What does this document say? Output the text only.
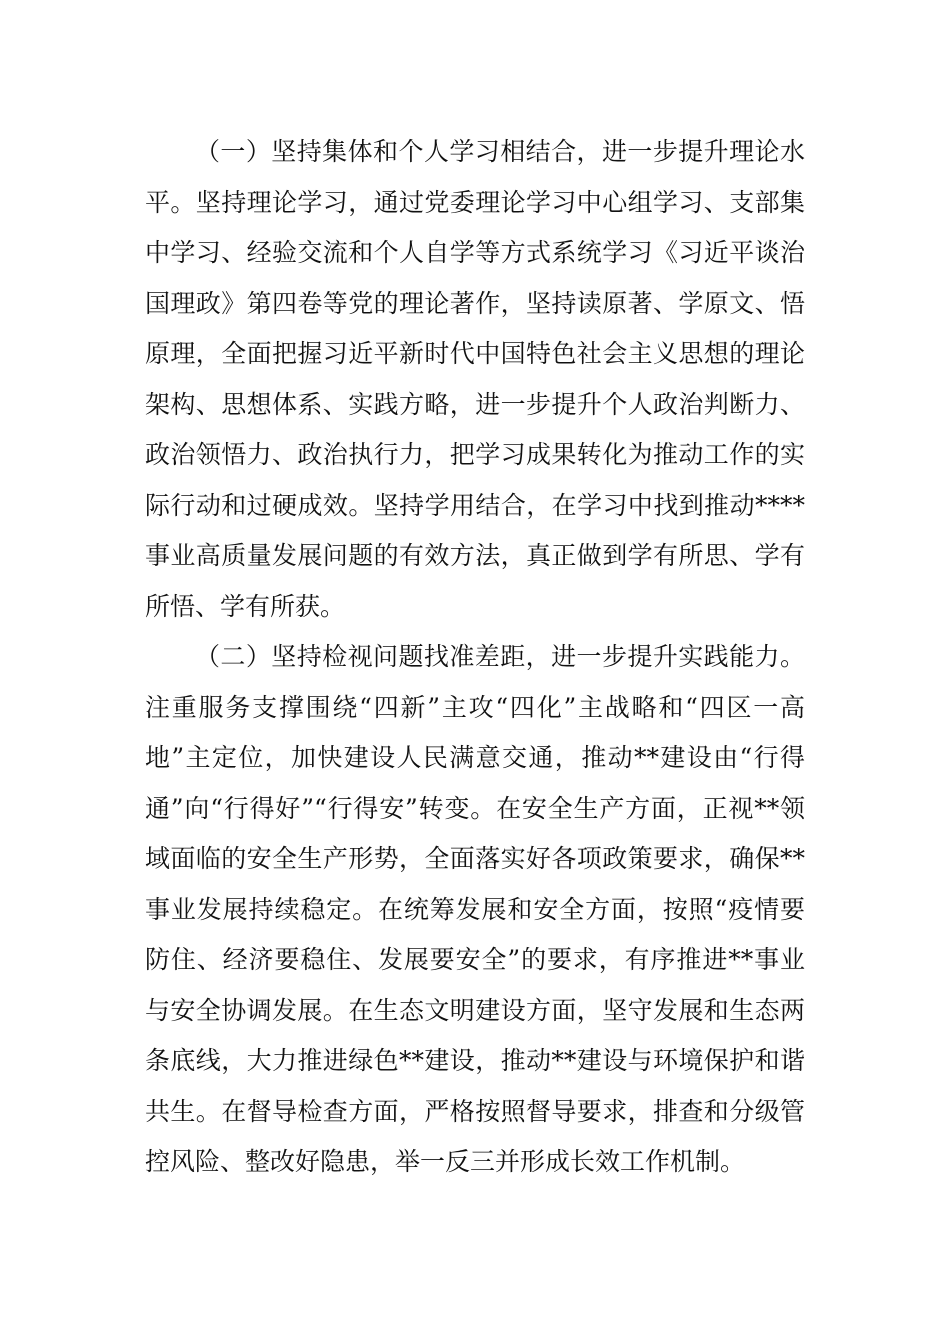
（一）坚持集体和个人学习相结合，进一步提升理论水平。坚持理论学习，通过党委理论学习中心组学习、支部集中学习、经验交流和个人自学等方式系统学习《习近平谈治国理政》第四卷等党的理论著作，坚持读原著、学原文、悟原理，全面把握习近平新时代中国特色社会主义思想的理论架构、思想体系、实践方略，进一步提升个人政治判断力、政治领悟力、政治执行力，把学习成果转化为推动工作的实际行动和过硬成效。坚持学用结合，在学习中找到推动****事业高质量发展问题的有效方法，真正做到学有所思、学有所悟、学有所获。

（二）坚持检视问题找准差距，进一步提升实践能力。注重服务支撑围绕“四新”主攻“四化”主战略和“四区一高地”主定位，加快建设人民满意交通，推动**建设由“行得通”向“行得好”“行得安”转变。在安全生产方面，正视**领域面临的安全生产形势，全面落实好各项政策要求，确保**事业发展持续稳定。在统筹发展和安全方面，按照“疫情要防住、经济要稳住、发展要安全”的要求，有序推进**事业与安全协调发展。在生态文明建设方面，坚守发展和生态两条底线，大力推进绿色**建设，推动**建设与环境保护和谐共生。在督导检查方面，严格按照督导要求，排查和分级管控风险、整改好隐患，举一反三并形成长效工作机制。
